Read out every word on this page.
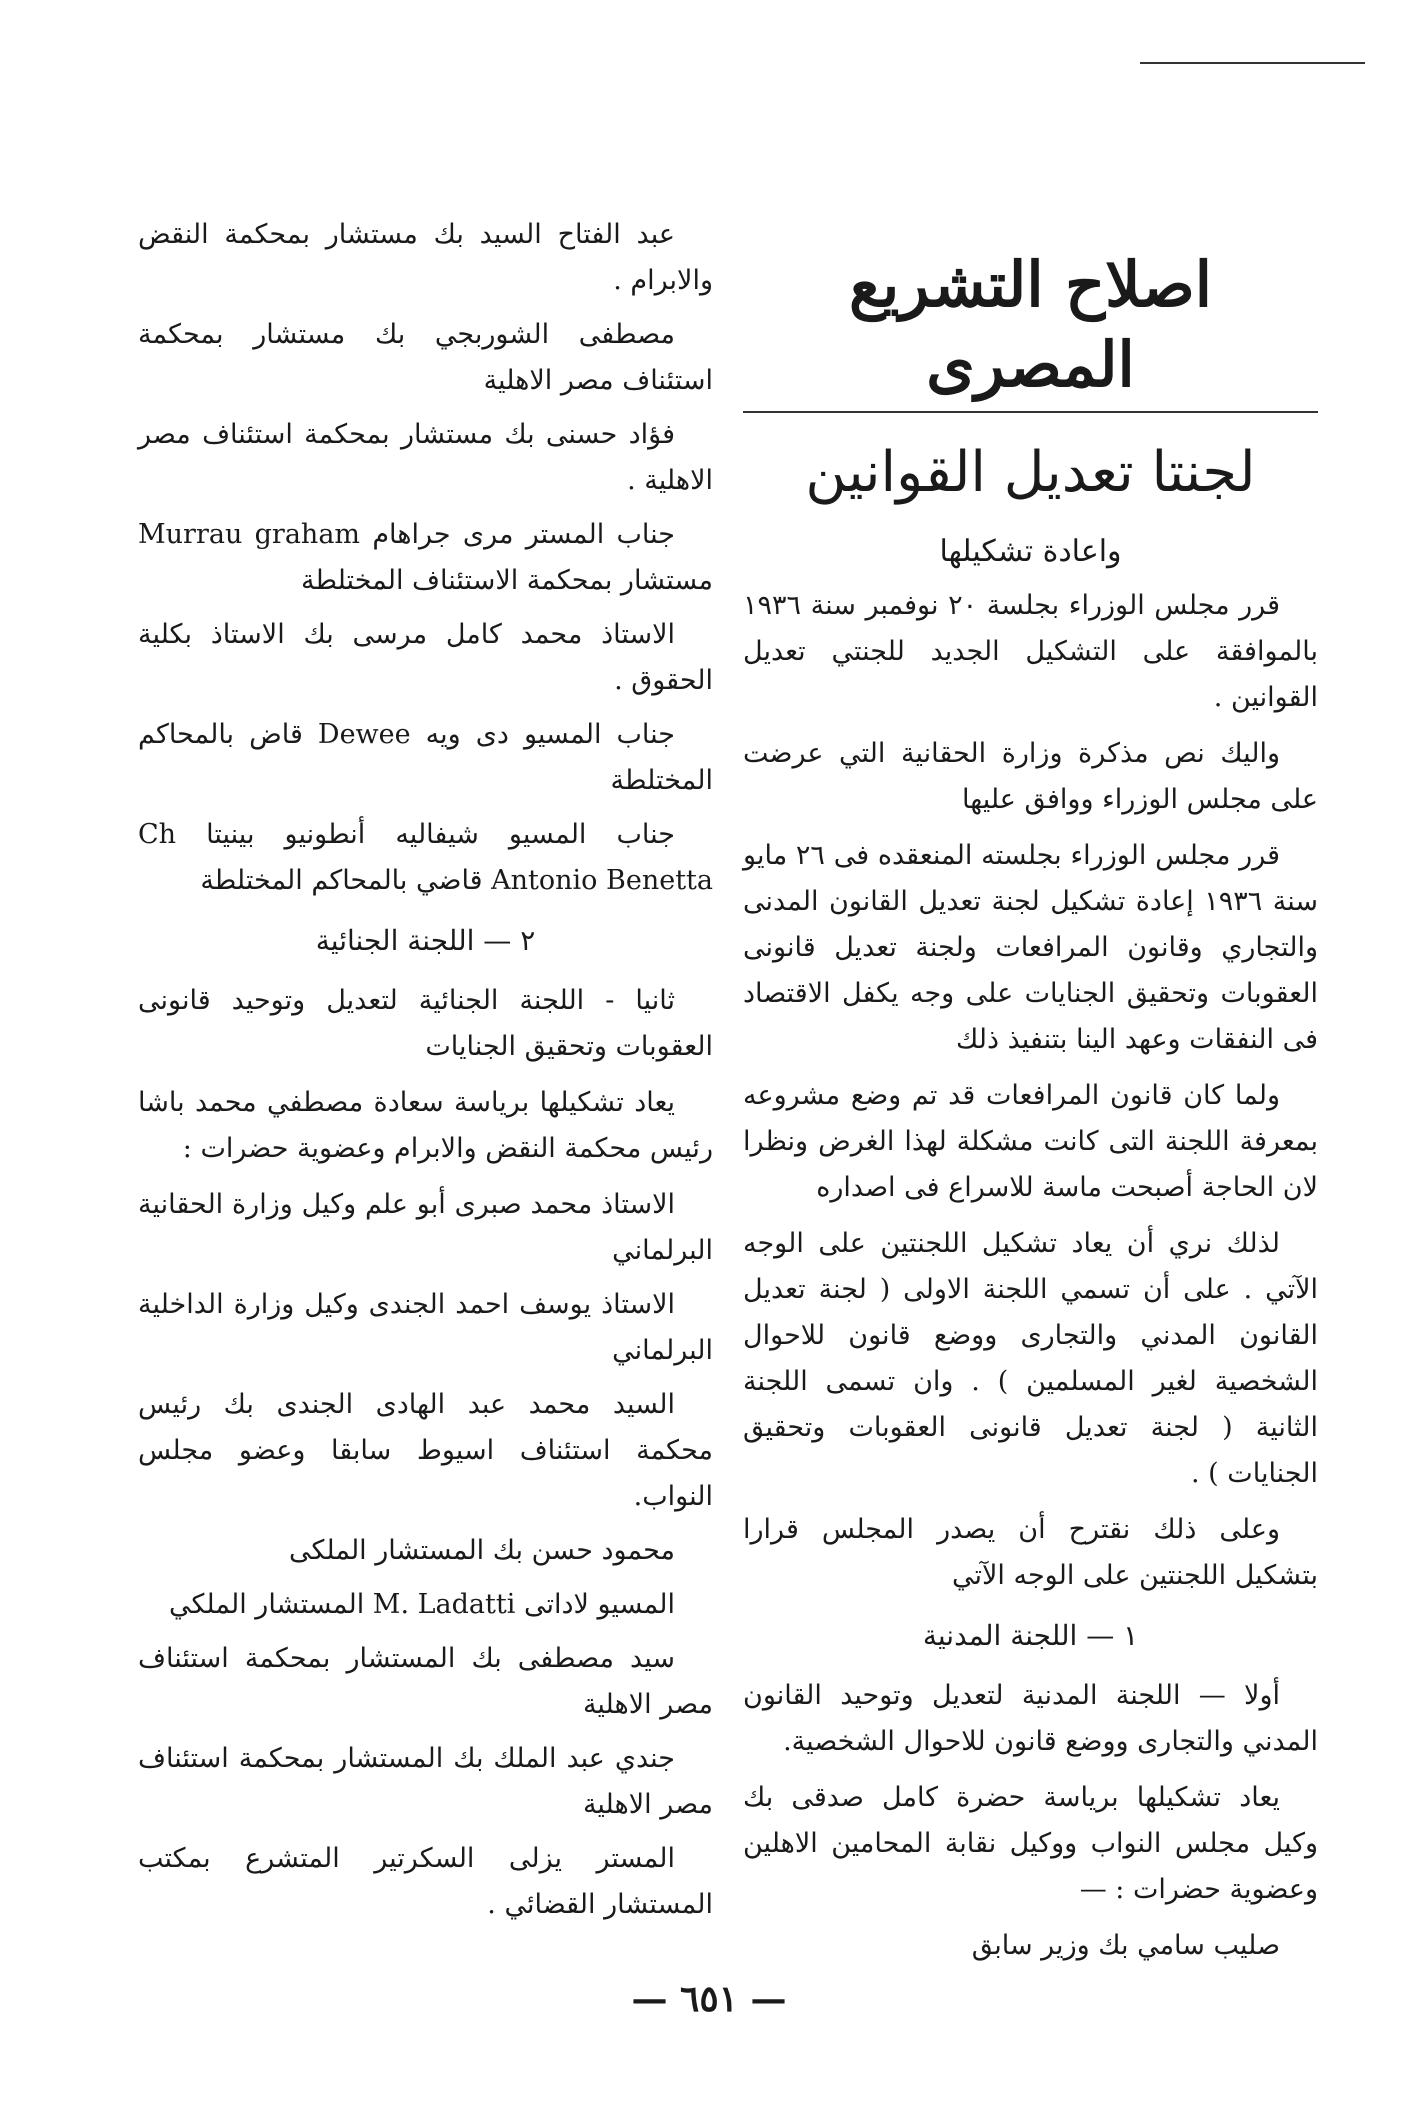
اصلاح التشريع المصرى
لجنتا تعديل القوانين
واعادة تشكيلها

قرر مجلس الوزراء بجلسة ٢٠ نوفمبر سنة ١٩٣٦ بالموافقة على التشكيل الجديد للجنتي تعديل القوانين .

واليك نص مذكرة وزارة الحقانية التي عرضت على مجلس الوزراء ووافق عليها

قرر مجلس الوزراء بجلسته المنعقده فى ٢٦ مايو سنة ١٩٣٦ إعادة تشكيل لجنة تعديل القانون المدنى والتجاري وقانون المرافعات ولجنة تعديل قانونى العقوبات وتحقيق الجنايات على وجه يكفل الاقتصاد فى النفقات وعهد الينا بتنفيذ ذلك

ولما كان قانون المرافعات قد تم وضع مشروعه بمعرفة اللجنة التى كانت مشكلة لهذا الغرض ونظرا لان الحاجة أصبحت ماسة للاسراع فى اصداره

لذلك نري أن يعاد تشكيل اللجنتين على الوجه الآتي . على أن تسمي اللجنة الاولى ( لجنة تعديل القانون المدني والتجارى ووضع قانون للاحوال الشخصية لغير المسلمين ) . وان تسمى اللجنة الثانية ( لجنة تعديل قانونى العقوبات وتحقيق الجنايات ) .

وعلى ذلك نقترح أن يصدر المجلس قرارا بتشكيل اللجنتين على الوجه الآتي

١ — اللجنة المدنية

أولا — اللجنة المدنية لتعديل وتوحيد القانون المدني والتجارى ووضع قانون للاحوال الشخصية.

يعاد تشكيلها برياسة حضرة كامل صدقى بك وكيل مجلس النواب ووكيل نقابة المحامين الاهلين وعضوية حضرات : —

صليب سامي بك وزير سابق

عبد الفتاح السيد بك مستشار بمحكمة النقض والابرام .

مصطفى الشوربجي بك مستشار بمحكمة استئناف مصر الاهلية

فؤاد حسنى بك مستشار بمحكمة استئناف مصر الاهلية .

جناب المستر مرى جراهام Murrau graham مستشار بمحكمة الاستئناف المختلطة

الاستاذ محمد كامل مرسى بك الاستاذ بكلية الحقوق .

جناب المسيو دى ويه Dewee قاض بالمحاكم المختلطة

جناب المسيو شيفاليه أنطونيو بينيتا Ch Antonio Benetta قاضي بالمحاكم المختلطة

٢ — اللجنة الجنائية

ثانيا - اللجنة الجنائية لتعديل وتوحيد قانونى العقوبات وتحقيق الجنايات

يعاد تشكيلها برياسة سعادة مصطفي محمد باشا رئيس محكمة النقض والابرام وعضوية حضرات :

الاستاذ محمد صبرى أبو علم وكيل وزارة الحقانية البرلماني

الاستاذ يوسف احمد الجندى وكيل وزارة الداخلية البرلماني

السيد محمد عبد الهادى الجندى بك رئيس محكمة استئناف اسيوط سابقا وعضو مجلس النواب.

محمود حسن بك المستشار الملكى

المسيو لاداتى M. Ladatti المستشار الملكي

سيد مصطفى بك المستشار بمحكمة استئناف مصر الاهلية

جندي عبد الملك بك المستشار بمحكمة استئناف مصر الاهلية

المستر يزلى السكرتير المتشرع بمكتب المستشار القضائي .

— ٦٥١ —
